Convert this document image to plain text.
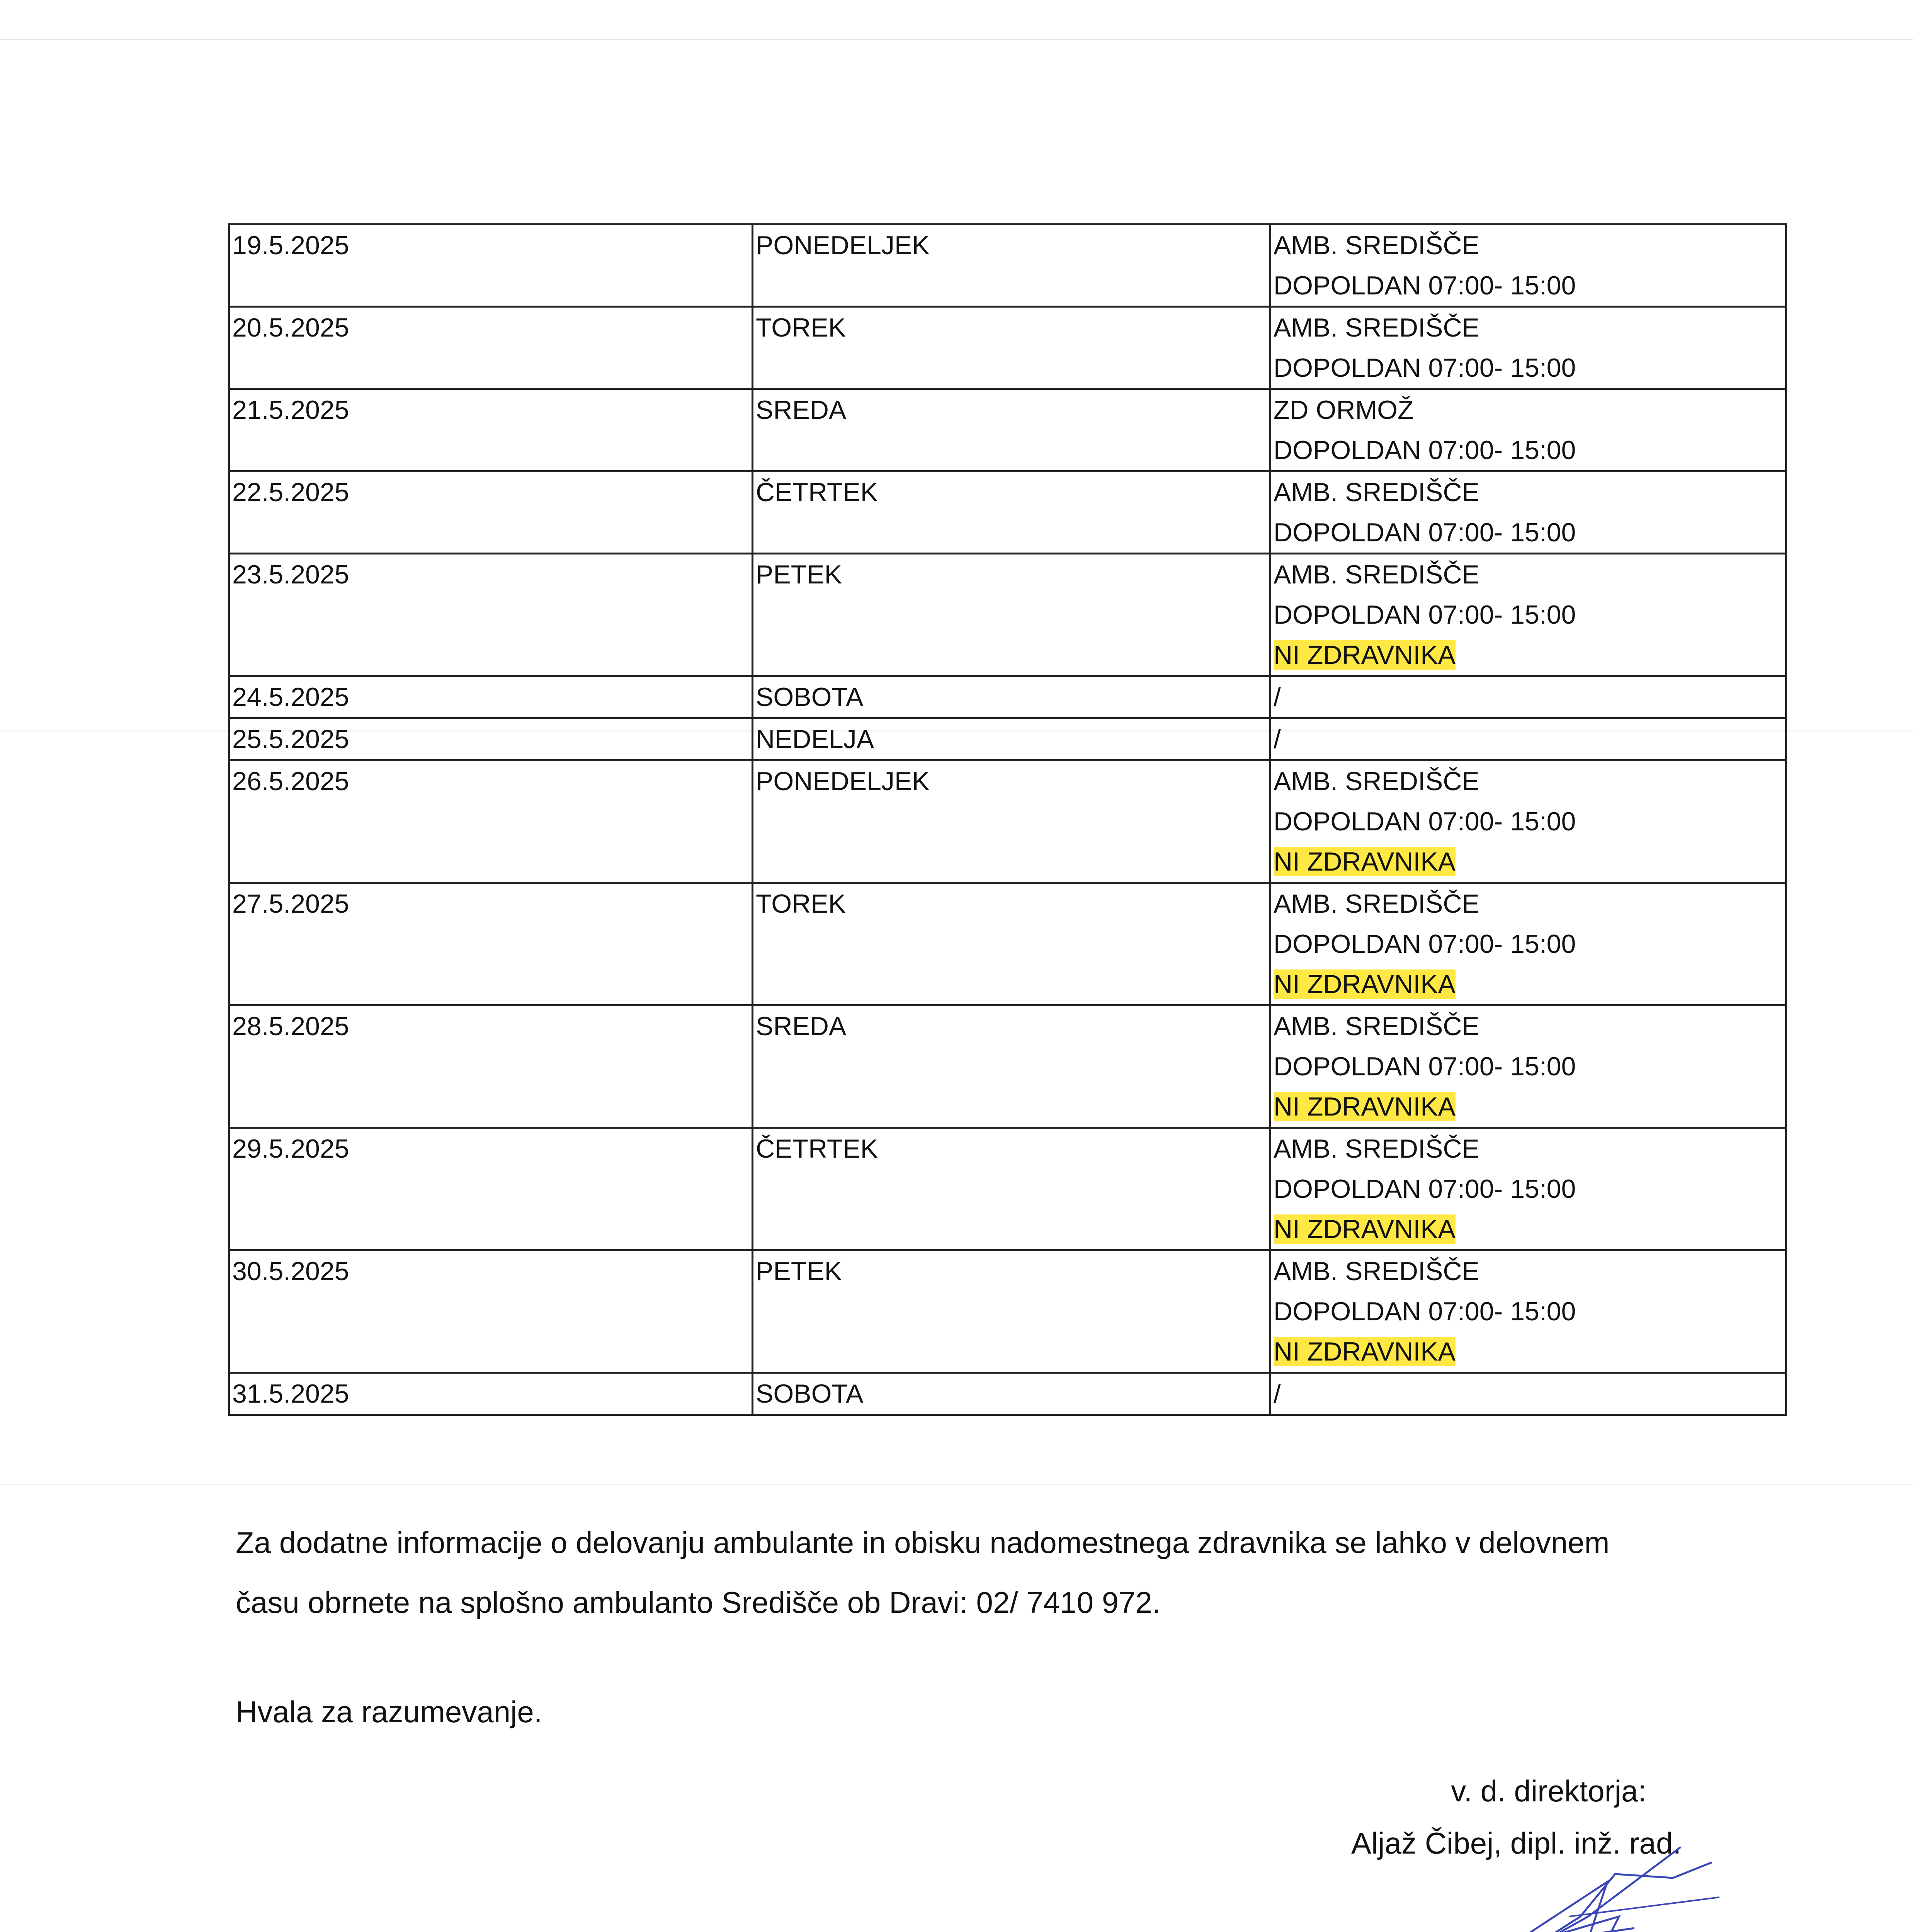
19.5.2025	PONEDELJEK	AMB. SREDIŠČE
DOPOLDAN 07:00- 15:00

20.5.2025	TOREK	AMB. SREDIŠČE
DOPOLDAN 07:00- 15:00

21.5.2025	SREDA	ZD ORMOŽ
DOPOLDAN 07:00- 15:00

22.5.2025	ČETRTEK	AMB. SREDIŠČE
DOPOLDAN 07:00- 15:00

23.5.2025	PETEK	AMB. SREDIŠČE
DOPOLDAN 07:00- 15:00
NI ZDRAVNIKA

24.5.2025	SOBOTA	/

25.5.2025	NEDELJA	/

26.5.2025	PONEDELJEK	AMB. SREDIŠČE
DOPOLDAN 07:00- 15:00
NI ZDRAVNIKA

27.5.2025	TOREK	AMB. SREDIŠČE
DOPOLDAN 07:00- 15:00
NI ZDRAVNIKA

28.5.2025	SREDA	AMB. SREDIŠČE
DOPOLDAN 07:00- 15:00
NI ZDRAVNIKA

29.5.2025	ČETRTEK	AMB. SREDIŠČE
DOPOLDAN 07:00- 15:00
NI ZDRAVNIKA

30.5.2025	PETEK	AMB. SREDIŠČE
DOPOLDAN 07:00- 15:00
NI ZDRAVNIKA

31.5.2025	SOBOTA	/
Za dodatne informacije o delovanju ambulante in obisku nadomestnega zdravnika se lahko v delovnem
času obrnete na splošno ambulanto Središče ob Dravi: 02/ 7410 972.
Hvala za razumevanje.
v. d. direktorja:
Aljaž Čibej, dipl. inž. rad.
